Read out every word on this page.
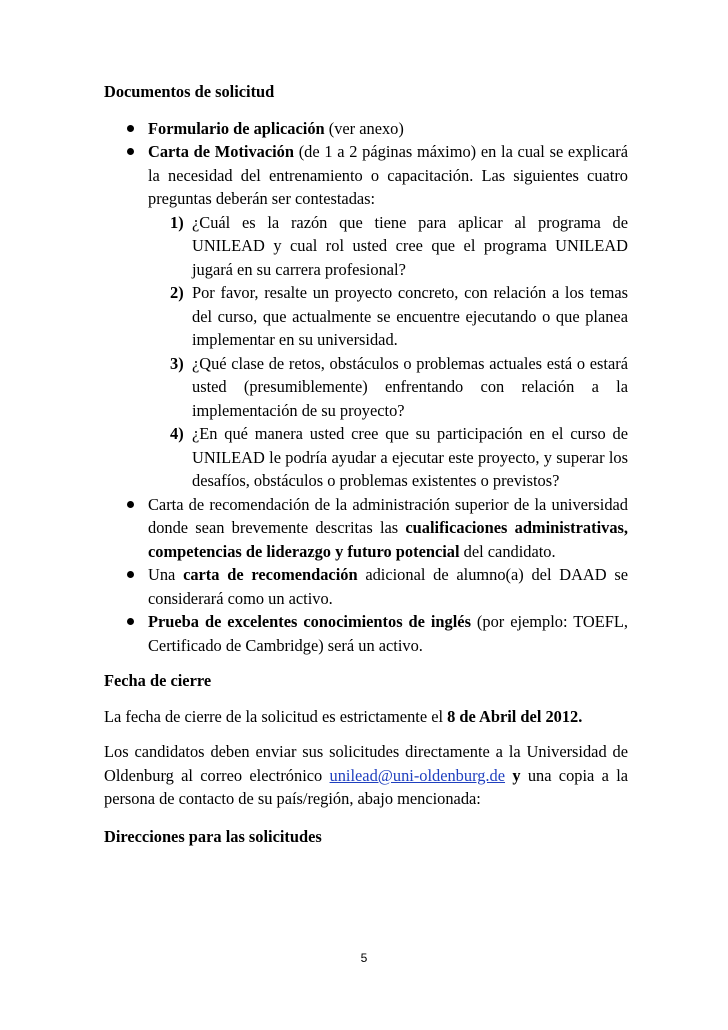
Documentos de solicitud

Formulario de aplicación (ver anexo)
Carta de Motivación (de 1 a 2 páginas máximo) en la cual se explicará la necesidad del entrenamiento o capacitación. Las siguientes cuatro preguntas deberán ser contestadas:
1) ¿Cuál es la razón que tiene para aplicar al programa de UNILEAD y cual rol usted cree que el programa UNILEAD jugará en su carrera profesional?
2) Por favor, resalte un proyecto concreto, con relación a los temas del curso, que actualmente se encuentre ejecutando o que planea implementar en su universidad.
3) ¿Qué clase de retos, obstáculos o problemas actuales está o estará usted (presumiblemente) enfrentando con relación a la implementación de su proyecto?
4) ¿En qué manera usted cree que su participación en el curso de UNILEAD le podría ayudar a ejecutar este proyecto, y superar los desafíos, obstáculos o problemas existentes o previstos?
Carta de recomendación de la administración superior de la universidad donde sean brevemente descritas las cualificaciones administrativas, competencias de liderazgo y futuro potencial del candidato.
Una carta de recomendación adicional de alumno(a) del DAAD se considerará como un activo.
Prueba de excelentes conocimientos de inglés (por ejemplo: TOEFL, Certificado de Cambridge) será un activo.

Fecha de cierre

La fecha de cierre de la solicitud es estrictamente el 8 de Abril del 2012.

Los candidatos deben enviar sus solicitudes directamente a la Universidad de Oldenburg al correo electrónico unilead@uni-oldenburg.de y una copia a la persona de contacto de su país/región, abajo mencionada:

Direcciones para las solicitudes

5
